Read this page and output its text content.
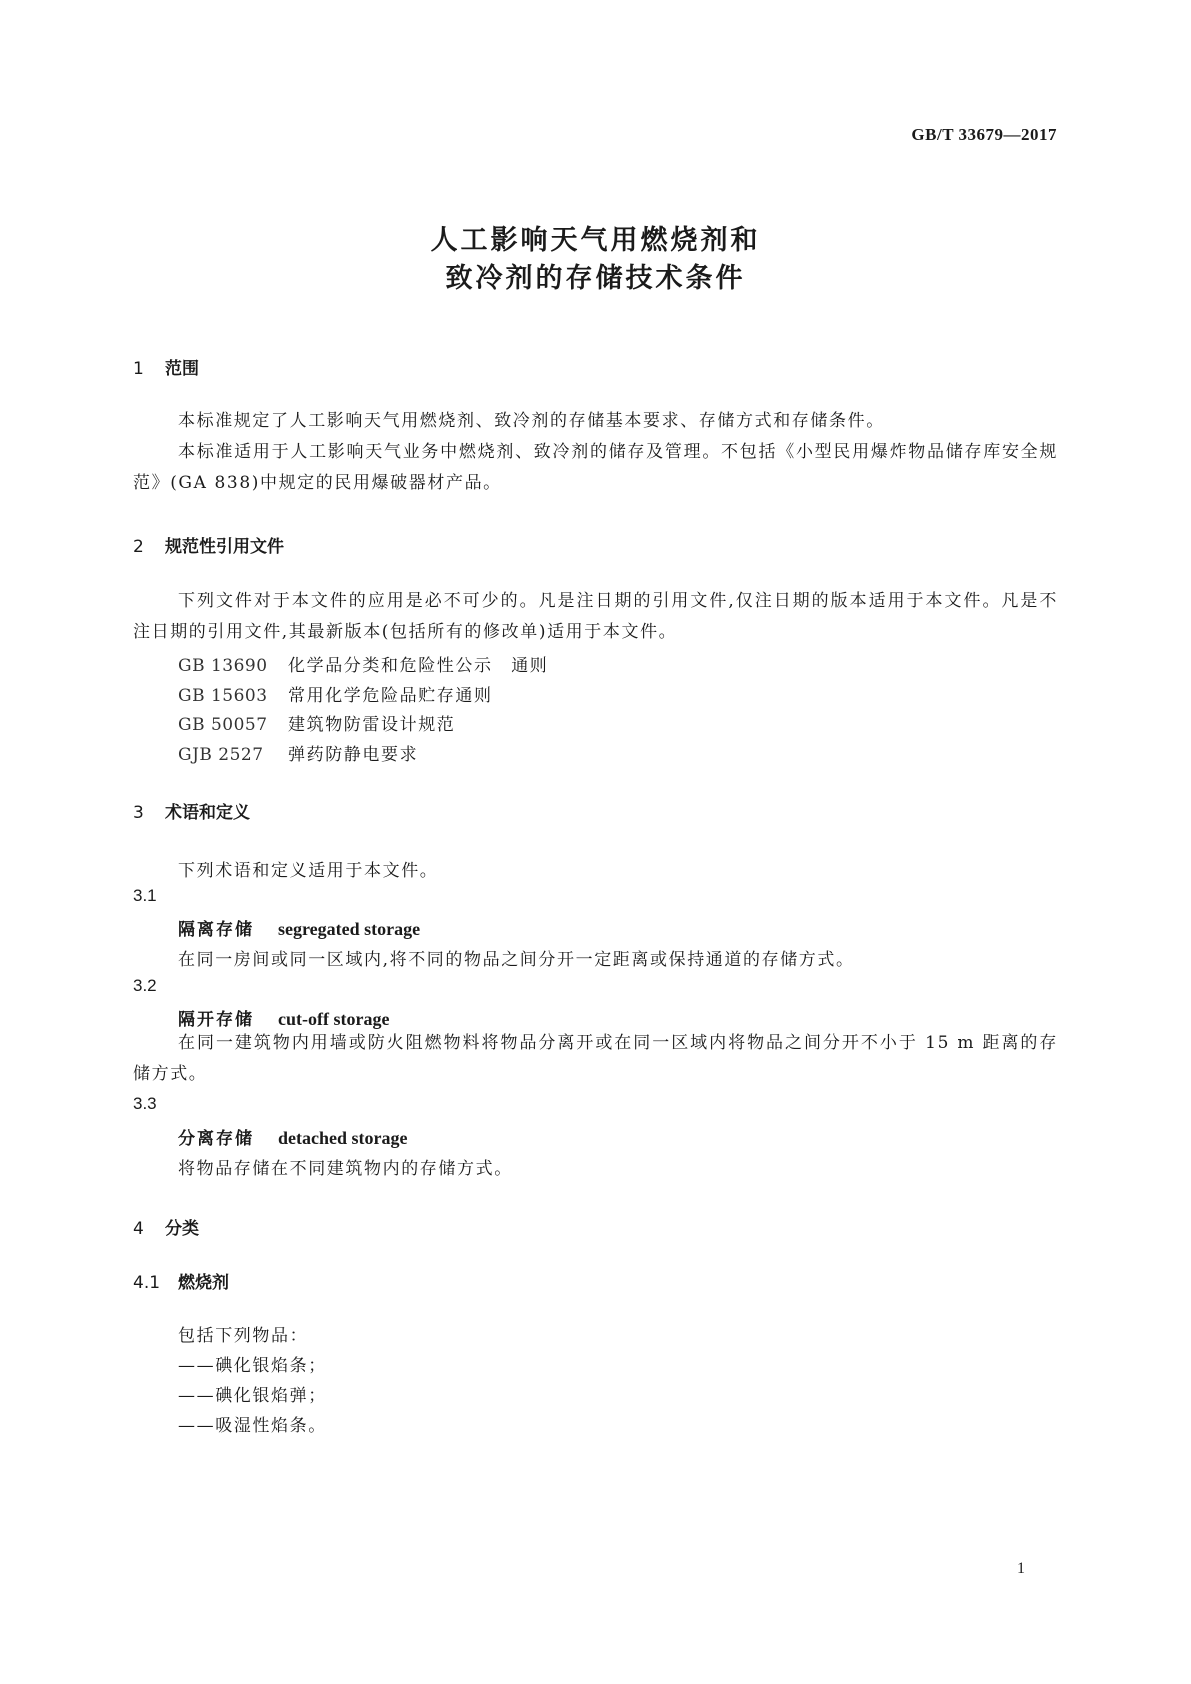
GB/T 33679—2017
人工影响天气用燃烧剂和
致冷剂的存储技术条件
1 范围
本标准规定了人工影响天气用燃烧剂、致冷剂的存储基本要求、存储方式和存储条件。
本标准适用于人工影响天气业务中燃烧剂、致冷剂的储存及管理。不包括《小型民用爆炸物品储存库安全规范》(GA 838)中规定的民用爆破器材产品。
2 规范性引用文件
下列文件对于本文件的应用是必不可少的。凡是注日期的引用文件,仅注日期的版本适用于本文件。凡是不注日期的引用文件,其最新版本(包括所有的修改单)适用于本文件。
GB 13690 化学品分类和危险性公示　通则
GB 15603 常用化学危险品贮存通则
GB 50057 建筑物防雷设计规范
GJB 2527 弹药防静电要求
3 术语和定义
下列术语和定义适用于本文件。
3.1
隔离存储 segregated storage
在同一房间或同一区域内,将不同的物品之间分开一定距离或保持通道的存储方式。
3.2
隔开存储 cut-off storage
在同一建筑物内用墙或防火阻燃物料将物品分离开或在同一区域内将物品之间分开不小于 15 m 距离的存储方式。
3.3
分离存储 detached storage
将物品存储在不同建筑物内的存储方式。
4 分类
4.1 燃烧剂
包括下列物品：
——碘化银焰条；
——碘化银焰弹；
——吸湿性焰条。
1
